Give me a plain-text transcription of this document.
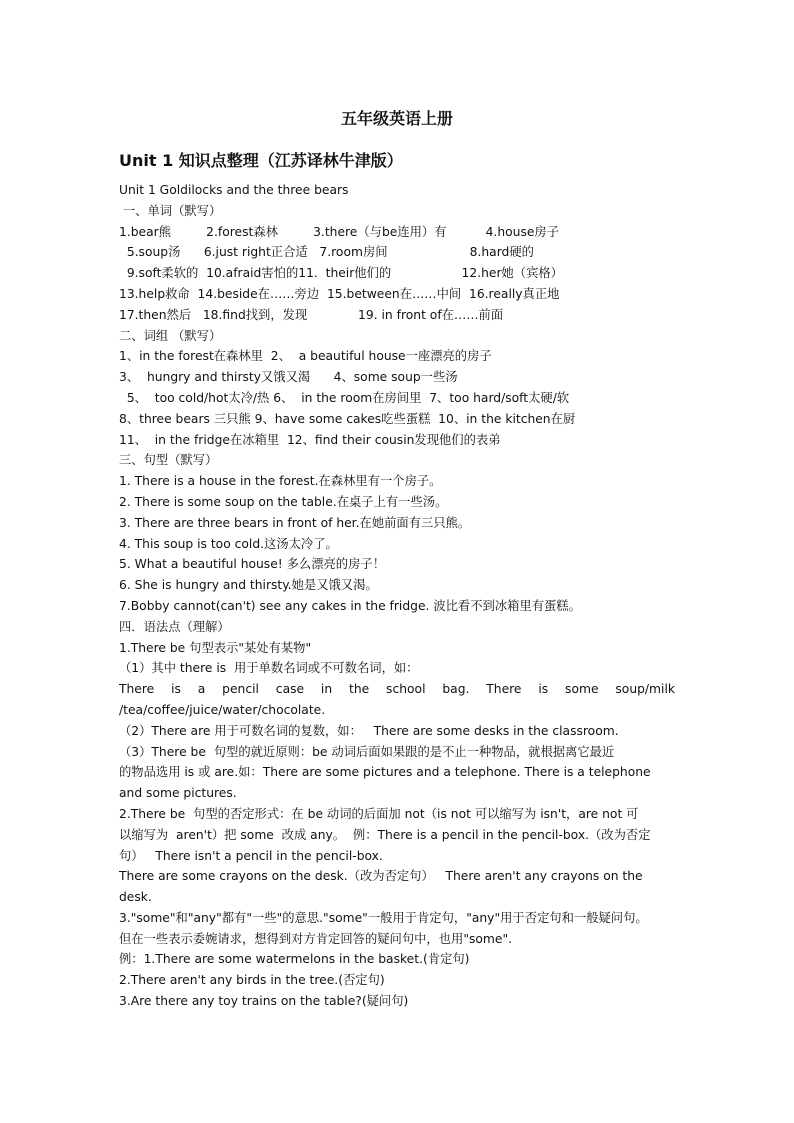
五年级英语上册
Unit 1 知识点整理（江苏译林牛津版）
Unit 1 Goldilocks and the three bears
一、单词（默写）
1.bear熊         2.forest森林         3.there（与be连用）有          4.house房子
5.soup汤      6.just right正合适   7.room房间                     8.hard硬的
9.soft柔软的  10.afraid害怕的11.  their他们的                  12.her她（宾格）
13.help救命  14.beside在……旁边  15.between在……中间  16.really真正地
17.then然后   18.find找到，发现             19. in front of在……前面
二、词组 （默写）
1、in the forest在森林里  2、  a beautiful house一座漂亮的房子
3、  hungry and thirsty又饿又渴      4、some soup一些汤
5、  too cold/hot太冷/热 6、  in the room在房间里  7、too hard/soft太硬/软
8、three bears 三只熊 9、have some cakes吃些蛋糕  10、in the kitchen在厨
11、  in the fridge在冰箱里  12、find their cousin发现他们的表弟
三、句型（默写）
1. There is a house in the forest.在森林里有一个房子。
2. There is some soup on the table.在桌子上有一些汤。
3. There are three bears in front of her.在她前面有三只熊。
4. This soup is too cold.这汤太冷了。
5. What a beautiful house! 多么漂亮的房子！
6. She is hungry and thirsty.她是又饿又渴。
7.Bobby cannot(can't) see any cakes in the fridge. 波比看不到冰箱里有蛋糕。
四．语法点（理解）
1.There be 句型表示"某处有某物"
（1）其中 there is  用于单数名词或不可数名词，如：
There is a pencil case in the school bag. There is some soup/milk
/tea/coffee/juice/water/chocolate.
（2）There are 用于可数名词的复数，如：   There are some desks in the classroom.
（3）There be  句型的就近原则：be 动词后面如果跟的是不止一种物品，就根据离它最近
的物品选用 is 或 are.如：There are some pictures and a telephone. There is a telephone
and some pictures.
2.There be  句型的否定形式：在 be 动词的后面加 not（is not 可以缩写为 isn't，are not 可
以缩写为  aren't）把 some  改成 any。  例：There is a pencil in the pencil-box.（改为否定
句）   There isn't a pencil in the pencil-box.
There are some crayons on the desk.（改为否定句）   There aren't any crayons on the
desk.
3."some"和"any"都有"一些"的意思."some"一般用于肯定句，"any"用于否定句和一般疑问句。
但在一些表示委婉请求，想得到对方肯定回答的疑问句中，也用"some".
例：1.There are some watermelons in the basket.(肯定句)
2.There aren't any birds in the tree.(否定句)
3.Are there any toy trains on the table?(疑问句)
